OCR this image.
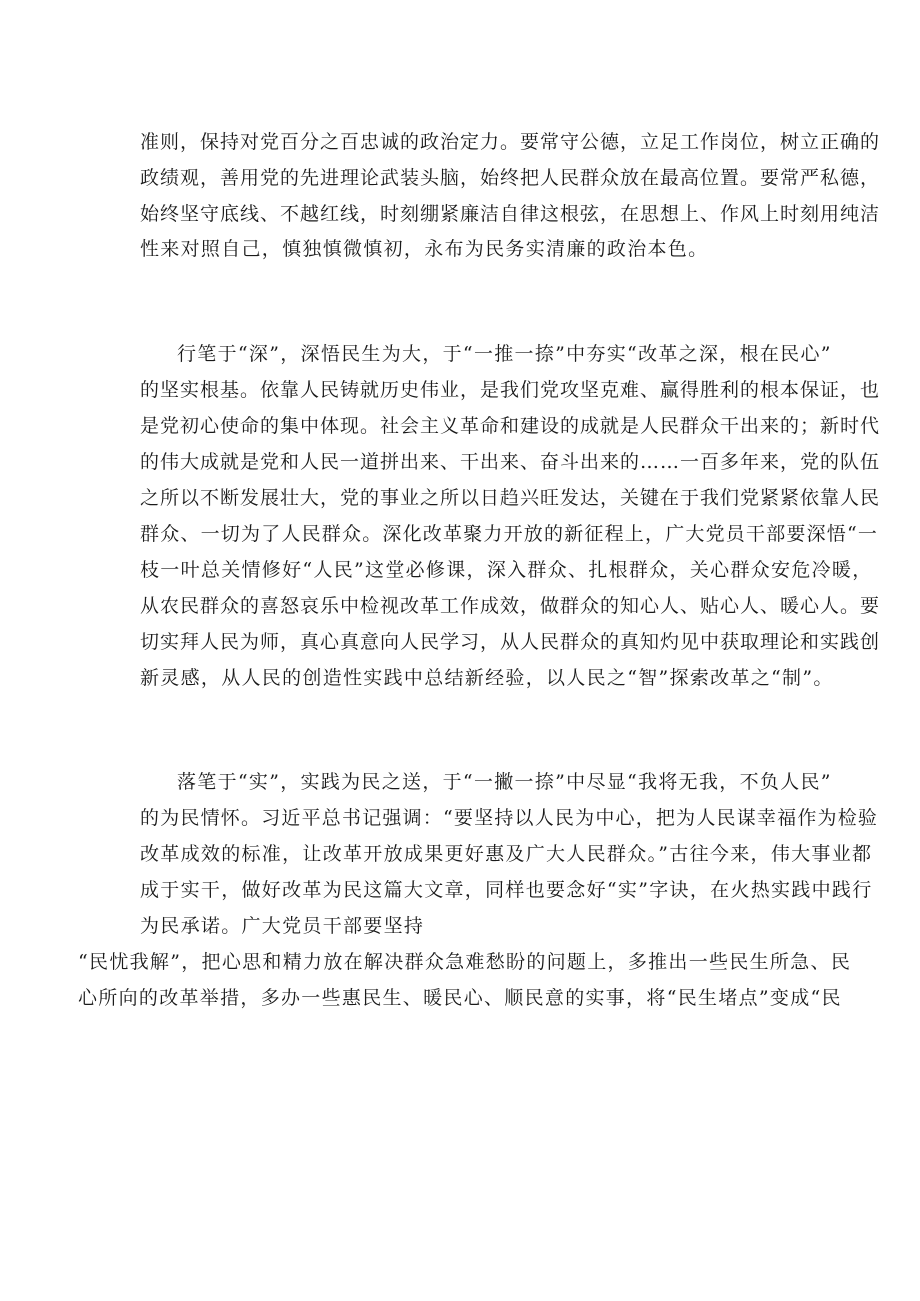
准则，保持对党百分之百忠诚的政治定力。要常守公德，立足工作岗位，树立正确的
政绩观，善用党的先进理论武装头脑，始终把人民群众放在最高位置。要常严私德，
始终坚守底线、不越红线，时刻绷紧廉洁自律这根弦，在思想上、作风上时刻用纯洁
性来对照自己，慎独慎微慎初，永布为民务实清廉的政治本色。
行笔于“深”，深悟民生为大，于“一推一捺”中夯实“改革之深，根在民心”
的坚实根基。依靠人民铸就历史伟业，是我们党攻坚克难、赢得胜利的根本保证，也
是党初心使命的集中体现。社会主义革命和建设的成就是人民群众干出来的；新时代
的伟大成就是党和人民一道拼出来、干出来、奋斗出来的……一百多年来，党的队伍
之所以不断发展壮大，党的事业之所以日趋兴旺发达，关键在于我们党紧紧依靠人民
群众、一切为了人民群众。深化改革聚力开放的新征程上，广大党员干部要深悟“一
枝一叶总关情修好“人民”这堂必修课，深入群众、扎根群众，关心群众安危冷暖，
从农民群众的喜怒哀乐中检视改革工作成效，做群众的知心人、贴心人、暖心人。要
切实拜人民为师，真心真意向人民学习，从人民群众的真知灼见中获取理论和实践创
新灵感，从人民的创造性实践中总结新经验，以人民之“智”探索改革之“制”。
落笔于“实”，实践为民之送，于“一撇一捺”中尽显“我将无我，不负人民”
的为民情怀。习近平总书记强调：“要坚持以人民为中心，把为人民谋幸福作为检验
改革成效的标准，让改革开放成果更好惠及广大人民群众。”古往今来，伟大事业都
成于实干，做好改革为民这篇大文章，同样也要念好“实”字诀，在火热实践中践行
为民承诺。广大党员干部要坚持
“民忧我解”，把心思和精力放在解决群众急难愁盼的问题上，多推出一些民生所急、民
心所向的改革举措，多办一些惠民生、暖民心、顺民意的实事，将“民生堵点”变成“民
